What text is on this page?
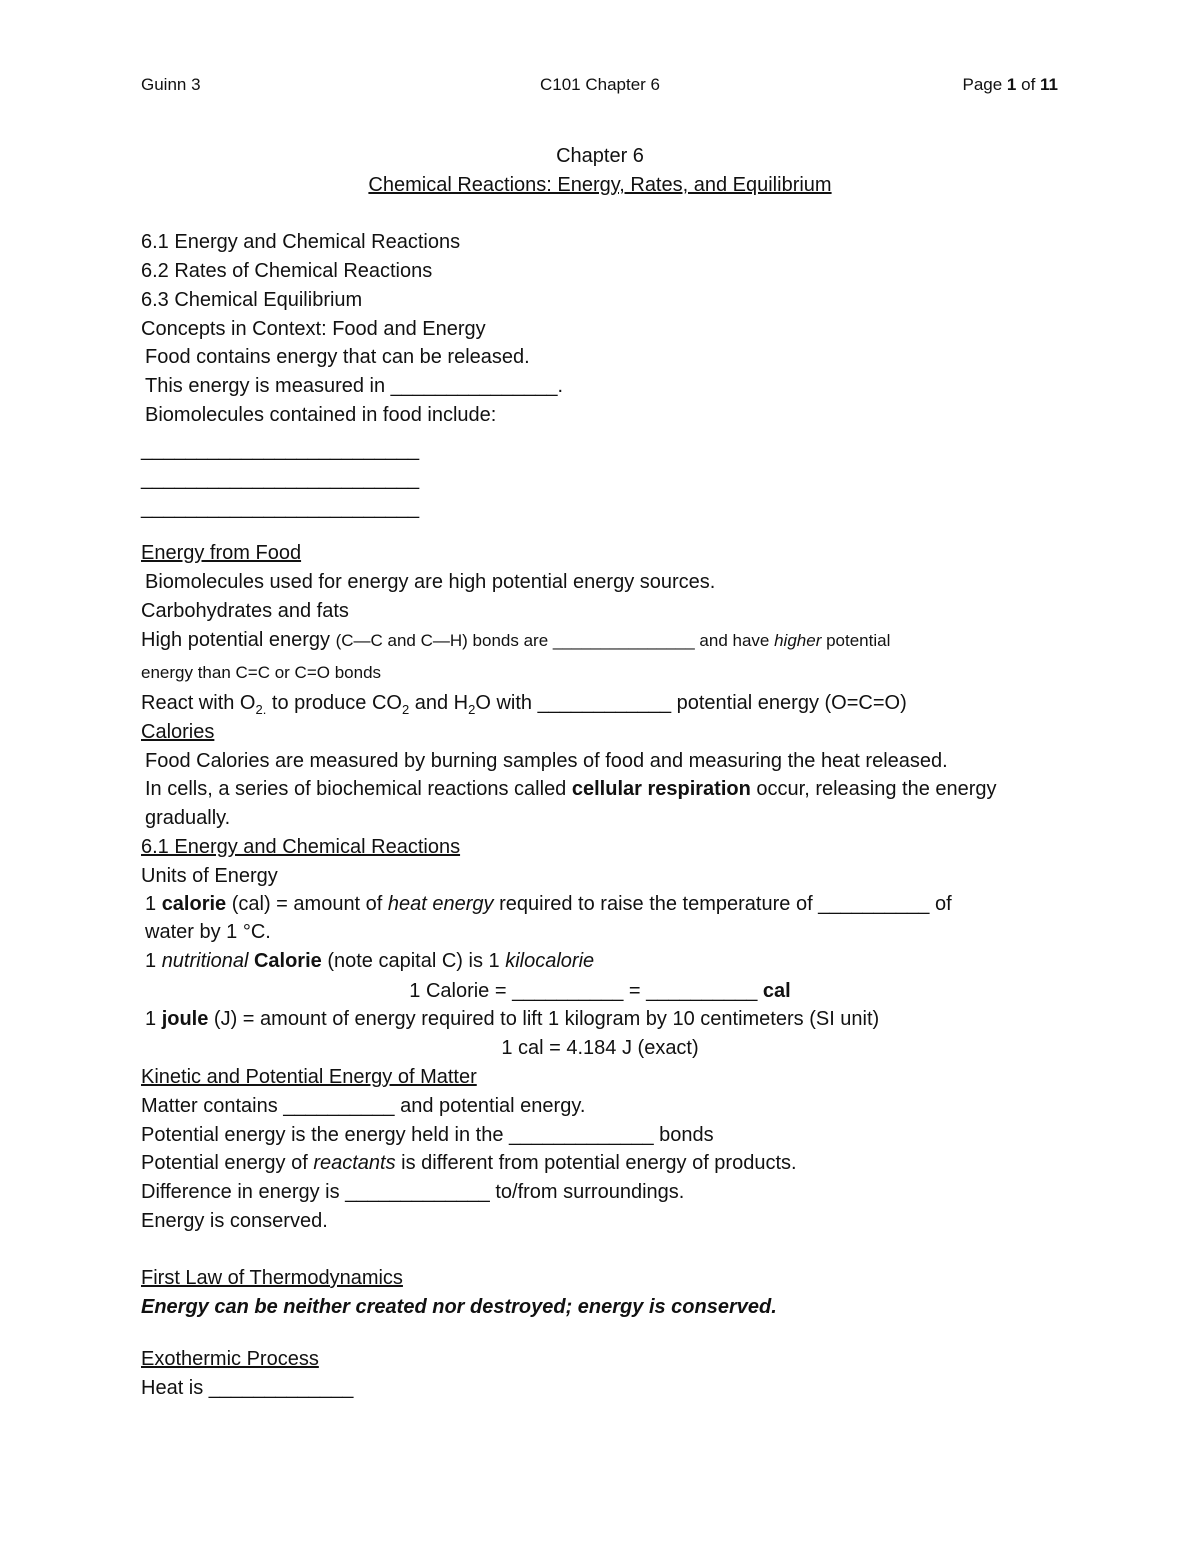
Guinn 3	C101 Chapter 6	Page 1 of 11
Chapter 6
Chemical Reactions: Energy, Rates, and Equilibrium
6.1 Energy and Chemical Reactions
6.2 Rates of Chemical Reactions
6.3 Chemical Equilibrium
Concepts in Context: Food and Energy
Food contains energy that can be released.
This energy is measured in _______________.
Biomolecules contained in food include:
_________________________
_________________________
_________________________
Energy from Food
Biomolecules used for energy are high potential energy sources.
Carbohydrates and fats
High potential energy (C—C and C—H) bonds are _______________ and have higher potential
energy than C=C or C=O bonds
React with $O_{2.}$ to produce $CO_2$ and $H_2O$ with ____________ potential energy (O=C=O)
Calories
Food Calories are measured by burning samples of food and measuring the heat released.
In cells, a series of biochemical reactions called cellular respiration occur, releasing the energy
gradually.
6.1 Energy and Chemical Reactions
Units of Energy
1 calorie (cal) = amount of heat energy required to raise the temperature of __________ of
water by 1 °C.
1 nutritional Calorie (note capital C) is 1 kilocalorie
1 Calorie = __________ = __________ cal
1 joule (J) = amount of energy required to lift 1 kilogram by 10 centimeters (SI unit)
1 cal = 4.184 J (exact)
Kinetic and Potential Energy of Matter
Matter contains __________ and potential energy.
Potential energy is the energy held in the _____________ bonds
Potential energy of reactants is different from potential energy of products.
Difference in energy is _____________ to/from surroundings.
Energy is conserved.
First Law of Thermodynamics
Energy can be neither created nor destroyed; energy is conserved.
Exothermic Process
Heat is _____________
